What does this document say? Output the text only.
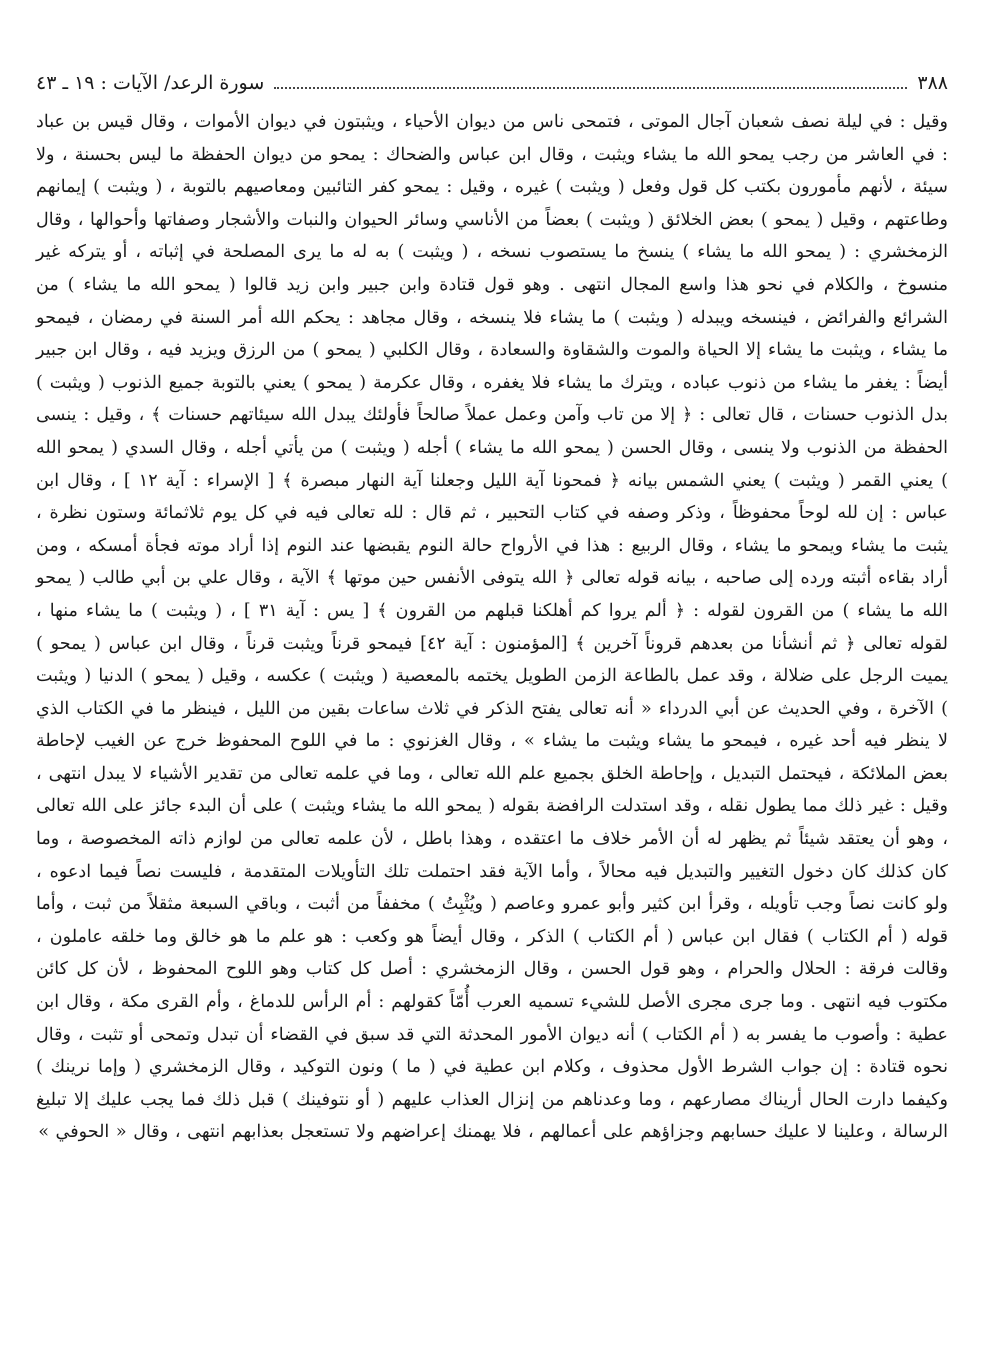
٣٨٨
سورة الرعد/ الآيات : ١٩ ـ ٤٣

وقيل : في ليلة نصف شعبان آجال الموتى ، فتمحى ناس من ديوان الأحياء ، ويثبتون في ديوان الأموات ، وقال قيس بن عباد : في العاشر من رجب يمحو الله ما يشاء ويثبت ، وقال ابن عباس والضحاك : يمحو من ديوان الحفظة ما ليس بحسنة ، ولا سيئة ، لأنهم مأمورون بكتب كل قول وفعل ( ويثبت ) غيره ، وقيل : يمحو كفر التائبين ومعاصيهم بالتوبة ، ( ويثبت ) إيمانهم وطاعتهم ، وقيل ( يمحو ) بعض الخلائق ( ويثبت ) بعضاً من الأناسي وسائر الحيوان والنبات والأشجار وصفاتها وأحوالها ، وقال الزمخشري : ( يمحو الله ما يشاء ) ينسخ ما يستصوب نسخه ، ( ويثبت ) به له ما يرى المصلحة في إثباته ، أو يتركه غير منسوخ ، والكلام في نحو هذا واسع المجال انتهى . وهو قول قتادة وابن جبير وابن زيد قالوا ( يمحو الله ما يشاء ) من الشرائع والفرائض ، فينسخه ويبدله ( ويثبت ) ما يشاء فلا ينسخه ، وقال مجاهد : يحكم الله أمر السنة في رمضان ، فيمحو ما يشاء ، ويثبت ما يشاء إلا الحياة والموت والشقاوة والسعادة ، وقال الكلبي ( يمحو ) من الرزق ويزيد فيه ، وقال ابن جبير أيضاً : يغفر ما يشاء من ذنوب عباده ، ويترك ما يشاء فلا يغفره ، وقال عكرمة ( يمحو ) يعني بالتوبة جميع الذنوب ( ويثبت ) بدل الذنوب حسنات ، قال تعالى : ﴿ إلا من تاب وآمن وعمل عملاً صالحاً فأولئك يبدل الله سيئاتهم حسنات ﴾ ، وقيل : ينسى الحفظة من الذنوب ولا ينسى ، وقال الحسن ( يمحو الله ما يشاء ) أجله ( ويثبت ) من يأتي أجله ، وقال السدي ( يمحو الله ) يعني القمر ( ويثبت ) يعني الشمس بيانه ﴿ فمحونا آية الليل وجعلنا آية النهار مبصرة ﴾ [ الإسراء : آية ١٢ ] ، وقال ابن عباس : إن لله لوحاً محفوظاً ، وذكر وصفه في كتاب التحبير ، ثم قال : لله تعالى فيه في كل يوم ثلاثمائة وستون نظرة ، يثبت ما يشاء ويمحو ما يشاء ، وقال الربيع : هذا في الأرواح حالة النوم يقبضها عند النوم إذا أراد موته فجأة أمسكه ، ومن أراد بقاءه أثبته ورده إلى صاحبه ، بيانه قوله تعالى ﴿ الله يتوفى الأنفس حين موتها ﴾ الآية ، وقال علي بن أبي طالب ( يمحو الله ما يشاء ) من القرون لقوله : ﴿ ألم يروا كم أهلكنا قبلهم من القرون ﴾ [ يس : آية ٣١ ] ، ( ويثبت ) ما يشاء منها ، لقوله تعالى ﴿ ثم أنشأنا من بعدهم قروناً آخرين ﴾ [المؤمنون : آية ٤٢] فيمحو قرناً ويثبت قرناً ، وقال ابن عباس ( يمحو ) يميت الرجل على ضلالة ، وقد عمل بالطاعة الزمن الطويل يختمه بالمعصية ( ويثبت ) عكسه ، وقيل ( يمحو ) الدنيا ( ويثبت ) الآخرة ، وفي الحديث عن أبي الدرداء « أنه تعالى يفتح الذكر في ثلاث ساعات بقين من الليل ، فينظر ما في الكتاب الذي لا ينظر فيه أحد غيره ، فيمحو ما يشاء ويثبت ما يشاء » ، وقال الغزنوي : ما في اللوح المحفوظ خرج عن الغيب لإحاطة بعض الملائكة ، فيحتمل التبديل ، وإحاطة الخلق بجميع علم الله تعالى ، وما في علمه تعالى من تقدير الأشياء لا يبدل انتهى ، وقيل : غير ذلك مما يطول نقله ، وقد استدلت الرافضة بقوله ( يمحو الله ما يشاء ويثبت ) على أن البدء جائز على الله تعالى ، وهو أن يعتقد شيئاً ثم يظهر له أن الأمر خلاف ما اعتقده ، وهذا باطل ، لأن علمه تعالى من لوازم ذاته المخصوصة ، وما كان كذلك كان دخول التغيير والتبديل فيه محالاً ، وأما الآية فقد احتملت تلك التأويلات المتقدمة ، فليست نصاً فيما ادعوه ، ولو كانت نصاً وجب تأويله ، وقرأ ابن كثير وأبو عمرو وعاصم ( ويُثْبِتُ ) مخففاً من أثبت ، وباقي السبعة مثقلاً من ثبت ، وأما قوله ( أم الكتاب ) فقال ابن عباس ( أم الكتاب ) الذكر ، وقال أيضاً هو وكعب : هو علم ما هو خالق وما خلقه عاملون ، وقالت فرقة : الحلال والحرام ، وهو قول الحسن ، وقال الزمخشري : أصل كل كتاب وهو اللوح المحفوظ ، لأن كل كائن مكتوب فيه انتهى . وما جرى مجرى الأصل للشيء تسميه العرب أُمّاً كقولهم : أم الرأس للدماغ ، وأم القرى مكة ، وقال ابن عطية : وأصوب ما يفسر به ( أم الكتاب ) أنه ديوان الأمور المحدثة التي قد سبق في القضاء أن تبدل وتمحى أو تثبت ، وقال نحوه قتادة : إن جواب الشرط الأول محذوف ، وكلام ابن عطية في ( ما ) ونون التوكيد ، وقال الزمخشري ( وإما نرينك ) وكيفما دارت الحال أريناك مصارعهم ، وما وعدناهم من إنزال العذاب عليهم ( أو نتوفينك ) قبل ذلك فما يجب عليك إلا تبليغ الرسالة ، وعلينا لا عليك حسابهم وجزاؤهم على أعمالهم ، فلا يهمنك إعراضهم ولا تستعجل بعذابهم انتهى ، وقال « الحوفي »
